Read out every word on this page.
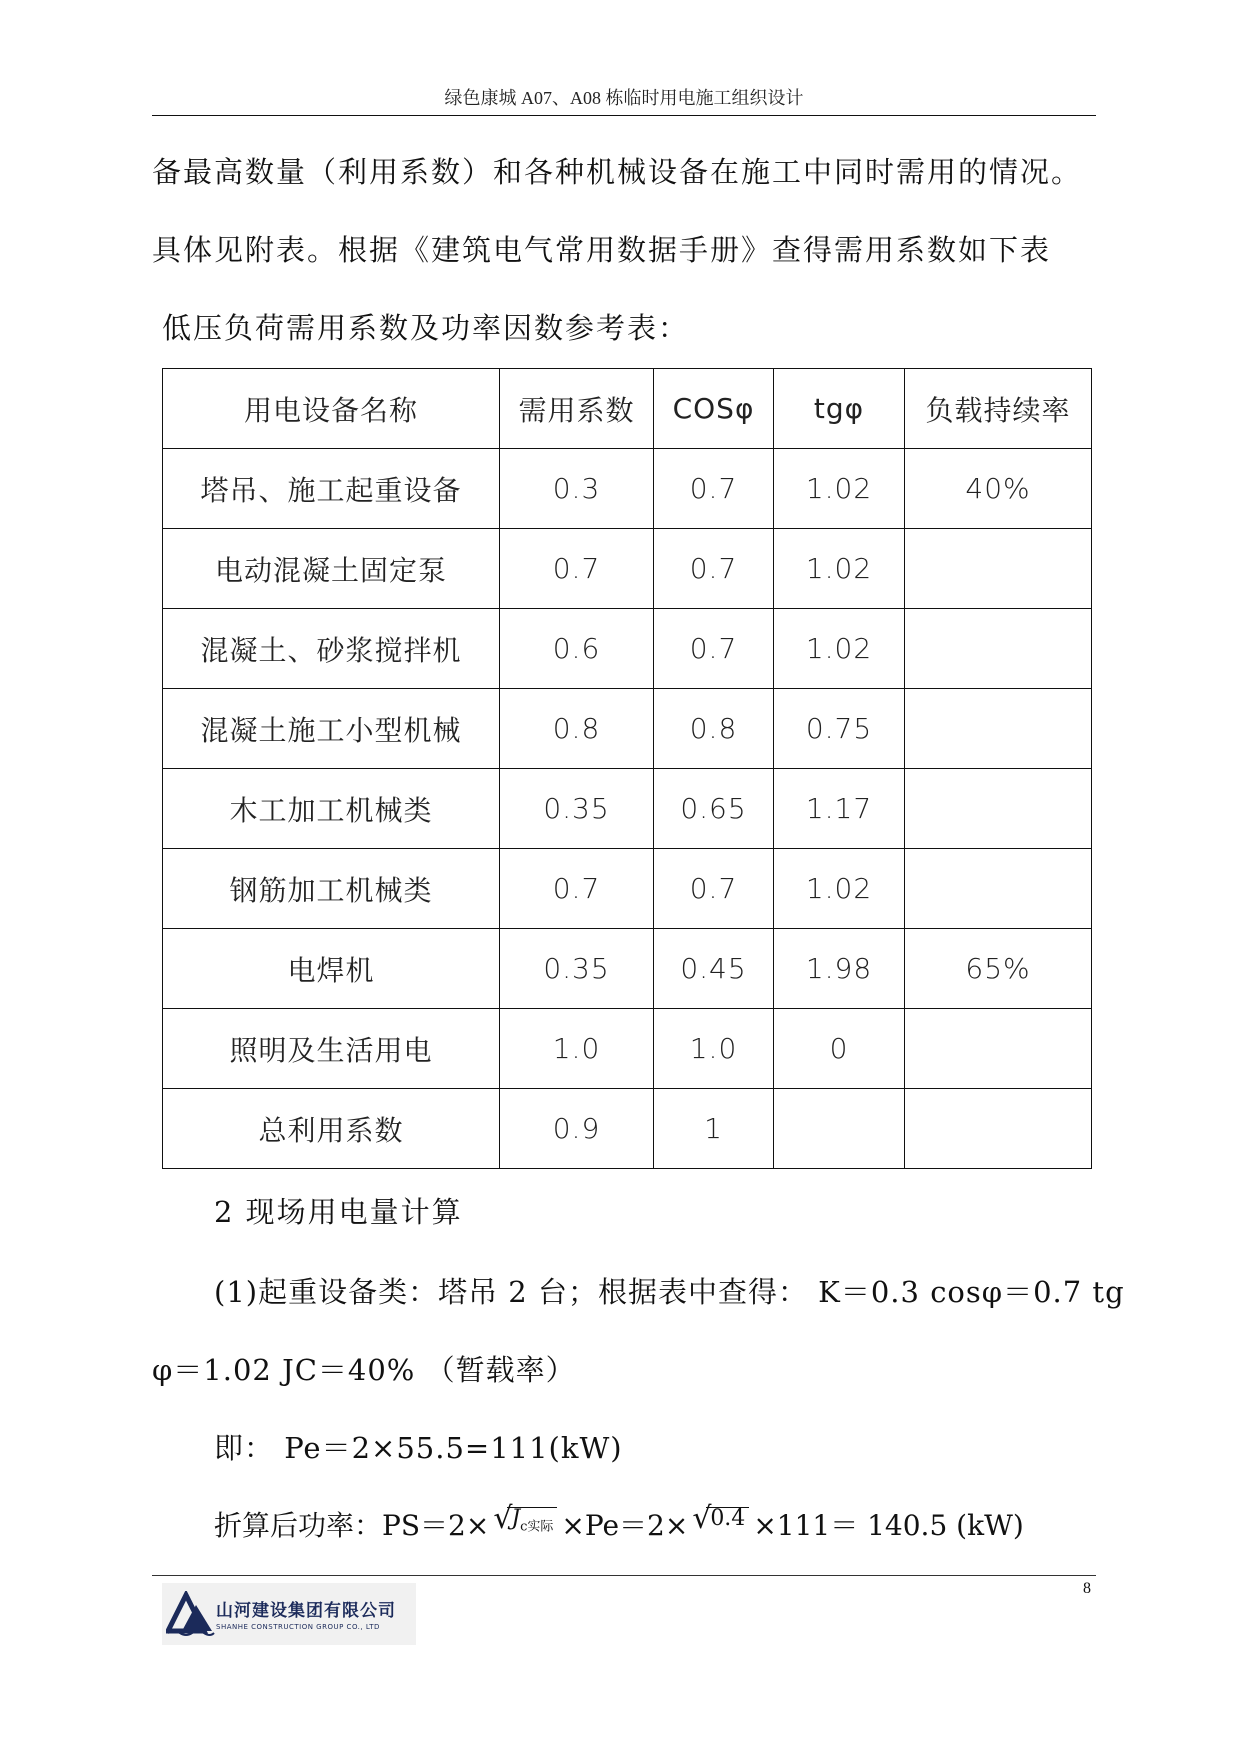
绿色康城 A07、A08 栋临时用电施工组织设计
备最高数量（利用系数）和各种机械设备在施工中同时需用的情况。
具体见附表。根据《建筑电气常用数据手册》查得需用系数如下表
低压负荷需用系数及功率因数参考表：
用电设备名称	需用系数	COSφ	tgφ	负载持续率
塔吊、施工起重设备	0.3	0.7	1.02	40%
电动混凝土固定泵	0.7	0.7	1.02	
混凝土、砂浆搅拌机	0.6	0.7	1.02	
混凝土施工小型机械	0.8	0.8	0.75	
木工加工机械类	0.35	0.65	1.17	
钢筋加工机械类	0.7	0.7	1.02	
电焊机	0.35	0.45	1.98	65%
照明及生活用电	1.0	1.0	0	
总利用系数	0.9	1		
2 现场用电量计算
(1)起重设备类：塔吊 2 台；根据表中查得： K＝0.3 cosφ＝0.7 tg
φ＝1.02 JC＝40% （暂载率）
即： Pe＝2×55.5=111(kW)
折算后功率：PS＝2× √
$J_{c实际} \times Pe=2\times$ √
0.4 ×111＝ 140.5 (kW)
8
山河建设集团有限公司
SHANHE CONSTRUCTION GROUP CO., LTD
